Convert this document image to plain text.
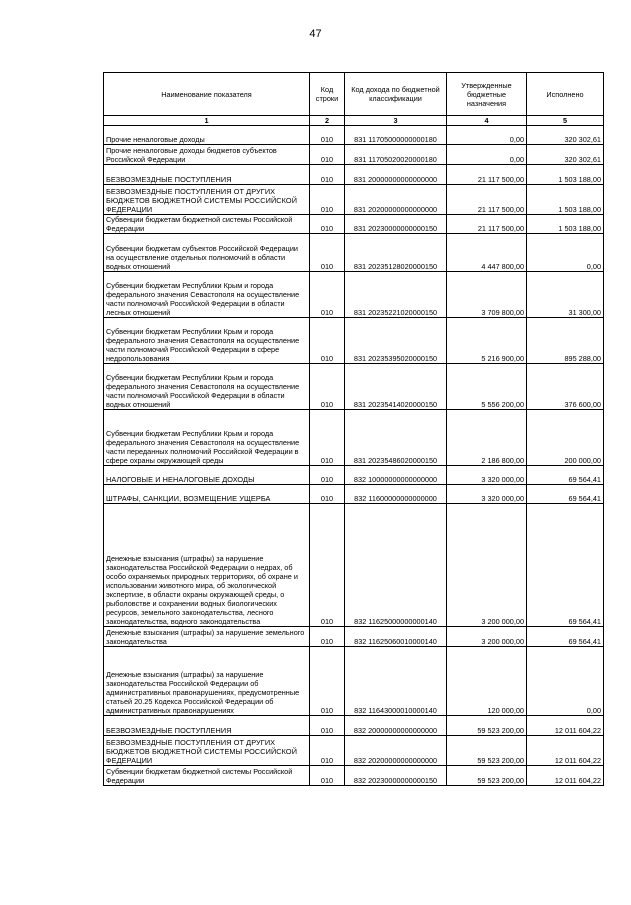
47
Наименование показателя	Код строки	Код дохода по бюджетной классификации	Утвержденные бюджетные назначения	Исполнено
1	2	3	4	5
Прочие неналоговые доходы	010	831 11705000000000180	0,00	320 302,61
Прочие неналоговые доходы бюджетов субъектов Российской Федерации	010	831 11705020020000180	0,00	320 302,61
БЕЗВОЗМЕЗДНЫЕ ПОСТУПЛЕНИЯ	010	831 20000000000000000	21 117 500,00	1 503 188,00
БЕЗВОЗМЕЗДНЫЕ ПОСТУПЛЕНИЯ ОТ ДРУГИХ БЮДЖЕТОВ БЮДЖЕТНОЙ СИСТЕМЫ РОССИЙСКОЙ ФЕДЕРАЦИИ	010	831 20200000000000000	21 117 500,00	1 503 188,00
Субвенции бюджетам бюджетной системы Российской Федерации	010	831 20230000000000150	21 117 500,00	1 503 188,00
Субвенции бюджетам субъектов Российской Федерации на осуществление отдельных полномочий в области водных отношений	010	831 20235128020000150	4 447 800,00	0,00
Субвенции бюджетам Республики Крым и города федерального значения Севастополя на осуществление части полномочий Российской Федерации в области лесных отношений	010	831 20235221020000150	3 709 800,00	31 300,00
Субвенции бюджетам Республики Крым и города федерального значения Севастополя на осуществление части полномочий Российской Федерации в сфере недропользования	010	831 20235395020000150	5 216 900,00	895 288,00
Субвенции бюджетам Республики Крым и города федерального значения Севастополя на осуществление части полномочий Российской Федерации в области водных отношений	010	831 20235414020000150	5 556 200,00	376 600,00
Субвенции бюджетам Республики Крым и города федерального значения Севастополя на осуществление части переданных полномочий Российской Федерации в сфере охраны окружающей среды	010	831 20235486020000150	2 186 800,00	200 000,00
НАЛОГОВЫЕ И НЕНАЛОГОВЫЕ ДОХОДЫ	010	832 10000000000000000	3 320 000,00	69 564,41
ШТРАФЫ, САНКЦИИ, ВОЗМЕЩЕНИЕ УЩЕРБА	010	832 11600000000000000	3 320 000,00	69 564,41
Денежные взыскания (штрафы) за нарушение законодательства Российской Федерации о недрах, об особо охраняемых природных территориях, об охране и использовании животного мира, об экологической экспертизе, в области охраны окружающей среды, о рыболовстве и сохранении водных биологических ресурсов, земельного законодательства, лесного законодательства, водного законодательства	010	832 11625000000000140	3 200 000,00	69 564,41
Денежные взыскания (штрафы) за нарушение земельного законодательства	010	832 11625060010000140	3 200 000,00	69 564,41
Денежные взыскания (штрафы) за нарушение законодательства Российской Федерации об административных правонарушениях, предусмотренные статьей 20.25 Кодекса Российской Федерации об административных правонарушениях	010	832 11643000010000140	120 000,00	0,00
БЕЗВОЗМЕЗДНЫЕ ПОСТУПЛЕНИЯ	010	832 20000000000000000	59 523 200,00	12 011 604,22
БЕЗВОЗМЕЗДНЫЕ ПОСТУПЛЕНИЯ ОТ ДРУГИХ БЮДЖЕТОВ БЮДЖЕТНОЙ СИСТЕМЫ РОССИЙСКОЙ ФЕДЕРАЦИИ	010	832 20200000000000000	59 523 200,00	12 011 604,22
Субвенции бюджетам бюджетной системы Российской Федерации	010	832 20230000000000150	59 523 200,00	12 011 604,22
